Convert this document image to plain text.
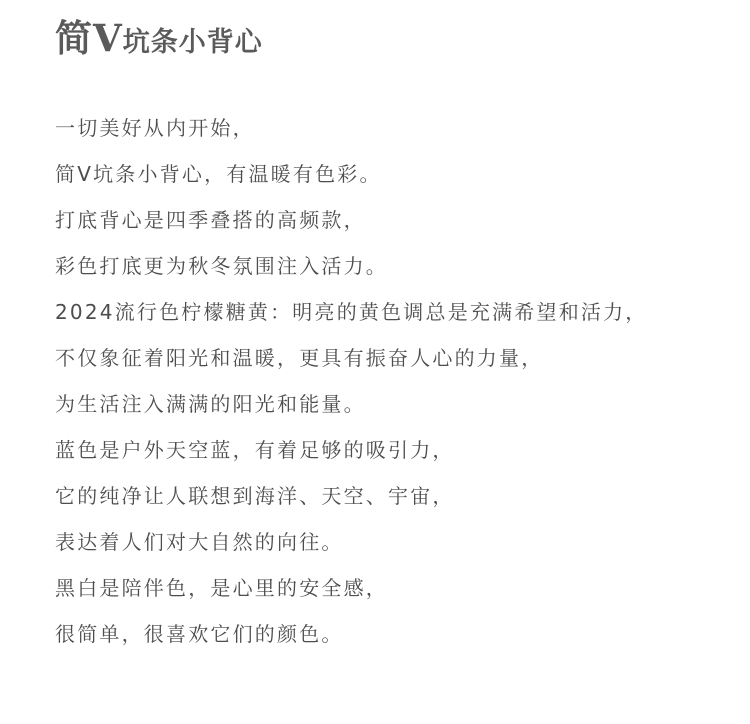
简V坑条小背心
一切美好从内开始，
简V坑条小背心，有温暖有色彩。
打底背心是四季叠搭的高频款，
彩色打底更为秋冬氛围注入活力。
2024流行色柠檬糖黄：明亮的黄色调总是充满希望和活力，
不仅象征着阳光和温暖，更具有振奋人心的力量，
为生活注入满满的阳光和能量。
蓝色是户外天空蓝，有着足够的吸引力，
它的纯净让人联想到海洋、天空、宇宙，
表达着人们对大自然的向往。
黑白是陪伴色，是心里的安全感，
很简单，很喜欢它们的颜色。
